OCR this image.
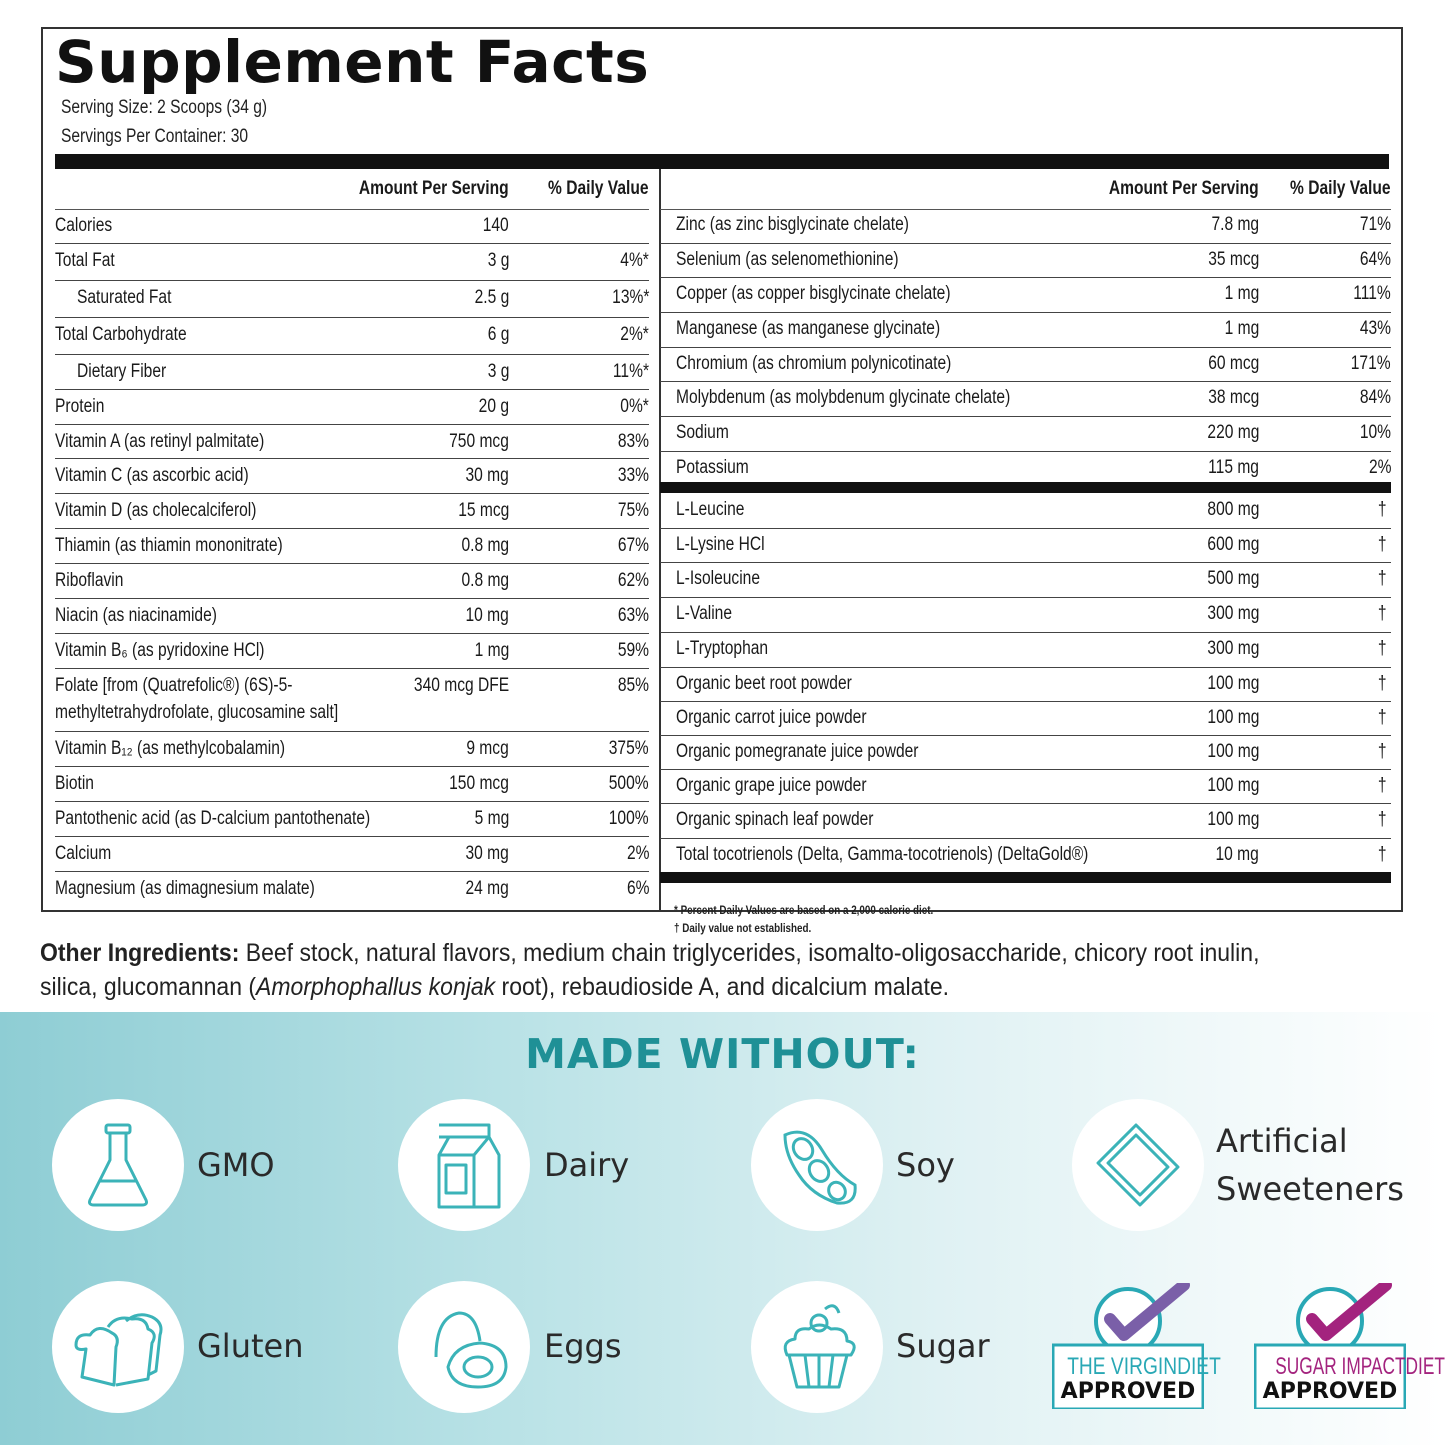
Supplement Facts
Serving Size: 2 Scoops (34 g)
Servings Per Container: 30
Amount Per Serving % Daily Value
Calories	140
Total Fat	3 g	4%*
Saturated Fat	2.5 g	13%*
Total Carbohydrate	6 g	2%*
Dietary Fiber	3 g	11%*
Protein	20 g	0%*
Vitamin A (as retinyl palmitate)	750 mcg	83%
Vitamin C (as ascorbic acid)	30 mg	33%
Vitamin D (as cholecalciferol)	15 mcg	75%
Thiamin (as thiamin mononitrate)	0.8 mg	67%
Riboflavin	0.8 mg	62%
Niacin (as niacinamide)	10 mg	63%
Vitamin B₆ (as pyridoxine HCl)	1 mg	59%
Folate [from (Quatrefolic®) (6S)-5-
methyltetrahydrofolate, glucosamine salt]
340 mcg DFE	85%
Vitamin B₁₂ (as methylcobalamin)	9 mcg	375%
Biotin	150 mcg	500%
Pantothenic acid (as D-calcium pantothenate)	5 mg	100%
Calcium	30 mg	2%
Magnesium (as dimagnesium malate)	24 mg	6%
Amount Per Serving % Daily Value
Zinc (as zinc bisglycinate chelate)	7.8 mg	71%
Selenium (as selenomethionine)	35 mcg	64%
Copper (as copper bisglycinate chelate)	1 mg	111%
Manganese (as manganese glycinate)	1 mg	43%
Chromium (as chromium polynicotinate)	60 mcg	171%
Molybdenum (as molybdenum glycinate chelate)	38 mcg	84%
Sodium	220 mg	10%
Potassium	115 mg	2%
L-Leucine	800 mg	†
L-Lysine HCl	600 mg	†
L-Isoleucine	500 mg	†
L-Valine	300 mg	†
L-Tryptophan	300 mg	†
Organic beet root powder	100 mg	†
Organic carrot juice powder	100 mg	†
Organic pomegranate juice powder	100 mg	†
Organic grape juice powder	100 mg	†
Organic spinach leaf powder	100 mg	†
Total tocotrienols (Delta, Gamma-tocotrienols) (DeltaGold®)	10 mg	†
* Percent Daily Values are based on a 2,000 calorie diet.
† Daily value not established.
Other Ingredients: Beef stock, natural flavors, medium chain triglycerides, isomalto-oligosaccharide, chicory root inulin, silica, glucomannan (Amorphophallus konjak root), rebaudioside A, and dicalcium malate.
MADE WITHOUT:
GMO	Dairy	Soy
Artificial
Sweeteners
Gluten	Eggs	Sugar
THE VIRGINDIET
APPROVED
SUGAR IMPACTDIET
APPROVED
